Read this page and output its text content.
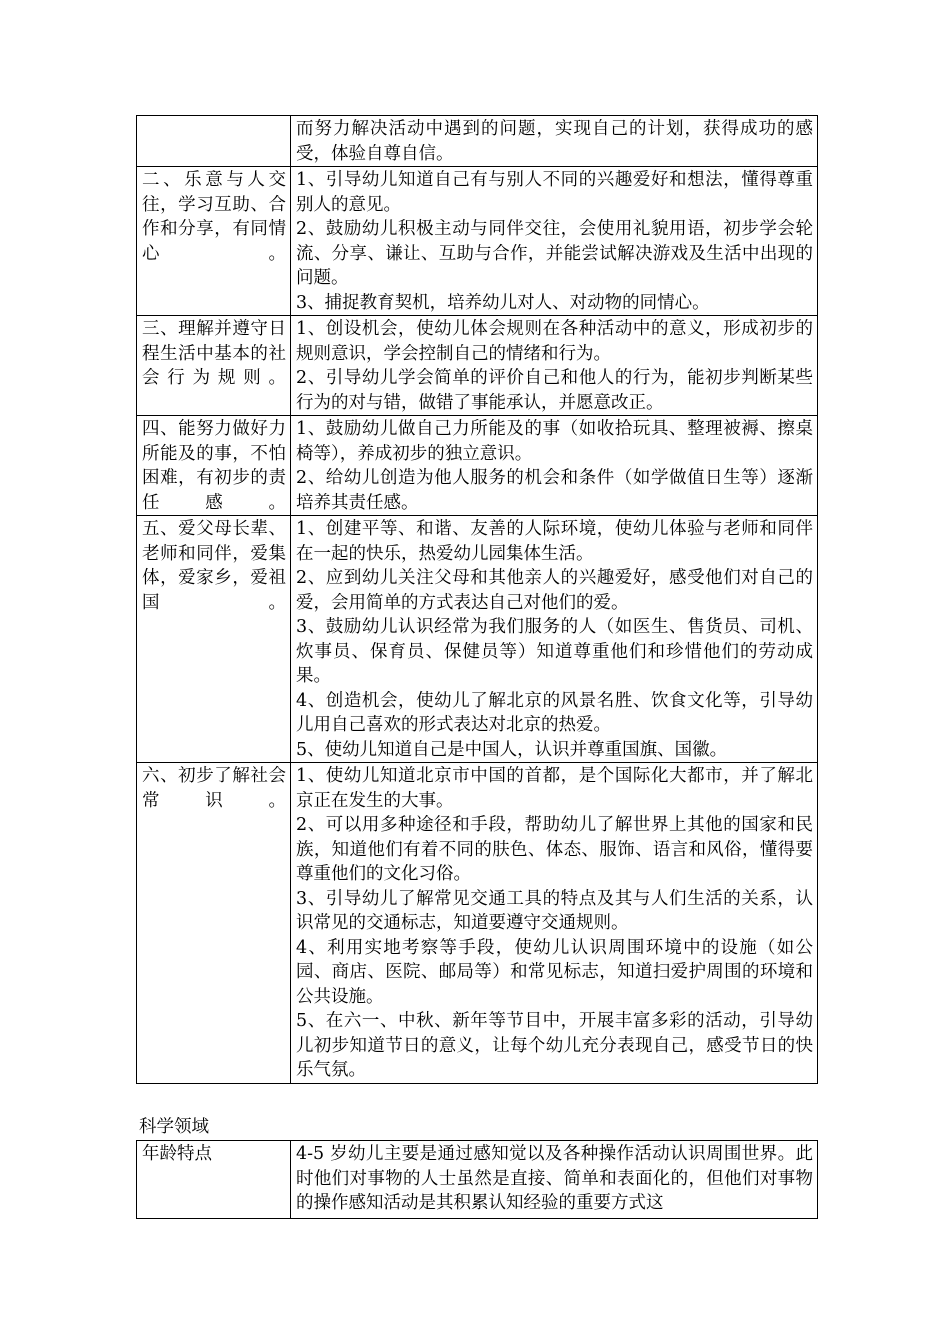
	而努力解决活动中遇到的问题，实现自己的计划，获得成功的感受，体验自尊自信。

二、乐意与人交往，学习互助、合作和分享，有同情心。	1、引导幼儿知道自己有与别人不同的兴趣爱好和想法，懂得尊重别人的意见。
2、鼓励幼儿积极主动与同伴交往，会使用礼貌用语，初步学会轮流、分享、谦让、互助与合作，并能尝试解决游戏及生活中出现的问题。
3、捕捉教育契机，培养幼儿对人、对动物的同情心。

三、理解并遵守日程生活中基本的社会行为规则。	1、创设机会，使幼儿体会规则在各种活动中的意义，形成初步的规则意识，学会控制自己的情绪和行为。
2、引导幼儿学会简单的评价自己和他人的行为，能初步判断某些行为的对与错，做错了事能承认，并愿意改正。

四、能努力做好力所能及的事，不怕困难，有初步的责任感。	1、鼓励幼儿做自己力所能及的事（如收拾玩具、整理被褥、擦桌椅等），养成初步的独立意识。
2、给幼儿创造为他人服务的机会和条件（如学做值日生等）逐渐培养其责任感。

五、爱父母长辈、老师和同伴，爱集体，爱家乡，爱祖国。	1、创建平等、和谐、友善的人际环境，使幼儿体验与老师和同伴在一起的快乐，热爱幼儿园集体生活。
2、应到幼儿关注父母和其他亲人的兴趣爱好，感受他们对自己的爱，会用简单的方式表达自己对他们的爱。
3、鼓励幼儿认识经常为我们服务的人（如医生、售货员、司机、炊事员、保育员、保健员等）知道尊重他们和珍惜他们的劳动成果。
4、创造机会，使幼儿了解北京的风景名胜、饮食文化等，引导幼儿用自己喜欢的形式表达对北京的热爱。
5、使幼儿知道自己是中国人，认识并尊重国旗、国徽。

六、初步了解社会常识。	1、使幼儿知道北京市中国的首都，是个国际化大都市，并了解北京正在发生的大事。
2、可以用多种途径和手段，帮助幼儿了解世界上其他的国家和民族，知道他们有着不同的肤色、体态、服饰、语言和风俗，懂得要尊重他们的文化习俗。
3、引导幼儿了解常见交通工具的特点及其与人们生活的关系，认识常见的交通标志，知道要遵守交通规则。
4、利用实地考察等手段，使幼儿认识周围环境中的设施（如公园、商店、医院、邮局等）和常见标志，知道扫爱护周围的环境和公共设施。
5、在六一、中秋、新年等节目中，开展丰富多彩的活动，引导幼儿初步知道节日的意义，让每个幼儿充分表现自己，感受节日的快乐气氛。
科学领域
年龄特点	4-5 岁幼儿主要是通过感知觉以及各种操作活动认识周围世界。此时他们对事物的人士虽然是直接、简单和表面化的，但他们对事物的操作感知活动是其积累认知经验的重要方式这
